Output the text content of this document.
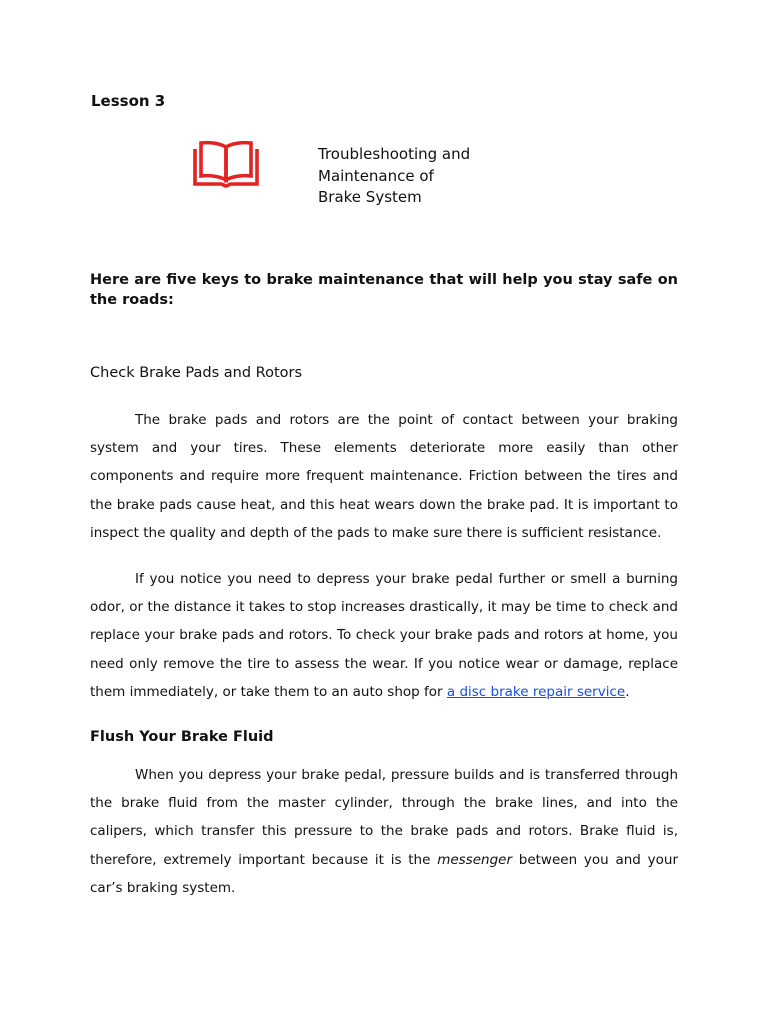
Lesson 3
Troubleshooting and
Maintenance of
Brake System
Here are five keys to brake maintenance that will help you stay safe on the roads:
Check Brake Pads and Rotors

The brake pads and rotors are the point of contact between your braking system and your tires. These elements deteriorate more easily than other components and require more frequent maintenance. Friction between the tires and the brake pads cause heat, and this heat wears down the brake pad. It is important to inspect the quality and depth of the pads to make sure there is sufficient resistance.

If you notice you need to depress your brake pedal further or smell a burning odor, or the distance it takes to stop increases drastically, it may be time to check and replace your brake pads and rotors. To check your brake pads and rotors at home, you need only remove the tire to assess the wear. If you notice wear or damage, replace them immediately, or take them to an auto shop for a disc brake repair service.

Flush Your Brake Fluid

When you depress your brake pedal, pressure builds and is transferred through the brake fluid from the master cylinder, through the brake lines, and into the calipers, which transfer this pressure to the brake pads and rotors. Brake fluid is, therefore, extremely important because it is the messenger between you and your car’s braking system.
